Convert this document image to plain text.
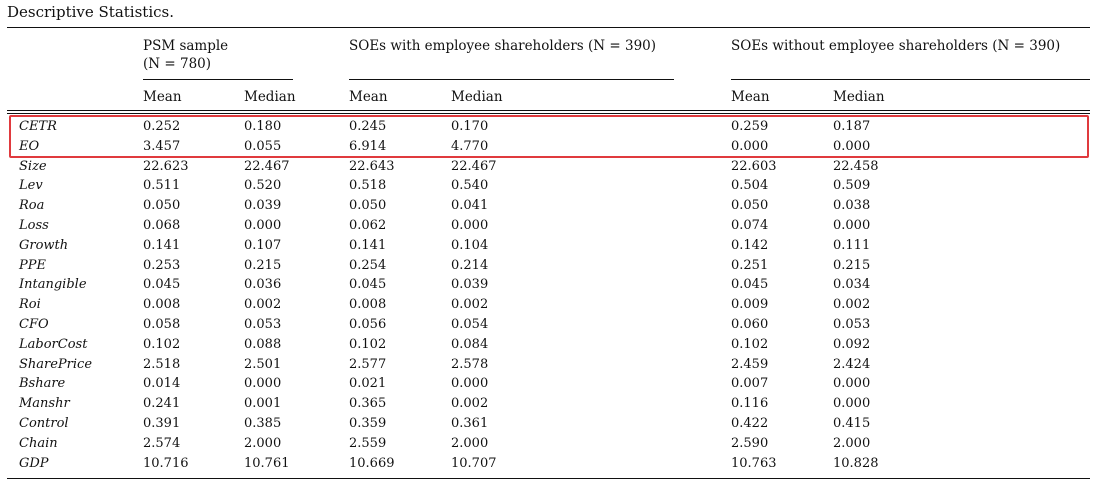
Descriptive Statistics.
PSM sample
(N = 780)
SOEs with employee shareholders (N = 390)	SOEs without employee shareholders (N = 390)
Mean	Median	Mean	Median	Mean	Median
CETR	0.252	0.180	0.245	0.170	0.259	0.187
EO	3.457	0.055	6.914	4.770	0.000	0.000
Size	22.623	22.467	22.643	22.467	22.603	22.458
Lev	0.511	0.520	0.518	0.540	0.504	0.509
Roa	0.050	0.039	0.050	0.041	0.050	0.038
Loss	0.068	0.000	0.062	0.000	0.074	0.000
Growth	0.141	0.107	0.141	0.104	0.142	0.111
PPE	0.253	0.215	0.254	0.214	0.251	0.215
Intangible	0.045	0.036	0.045	0.039	0.045	0.034
Roi	0.008	0.002	0.008	0.002	0.009	0.002
CFO	0.058	0.053	0.056	0.054	0.060	0.053
LaborCost	0.102	0.088	0.102	0.084	0.102	0.092
SharePrice	2.518	2.501	2.577	2.578	2.459	2.424
Bshare	0.014	0.000	0.021	0.000	0.007	0.000
Manshr	0.241	0.001	0.365	0.002	0.116	0.000
Control	0.391	0.385	0.359	0.361	0.422	0.415
Chain	2.574	2.000	2.559	2.000	2.590	2.000
GDP	10.716	10.761	10.669	10.707	10.763	10.828
